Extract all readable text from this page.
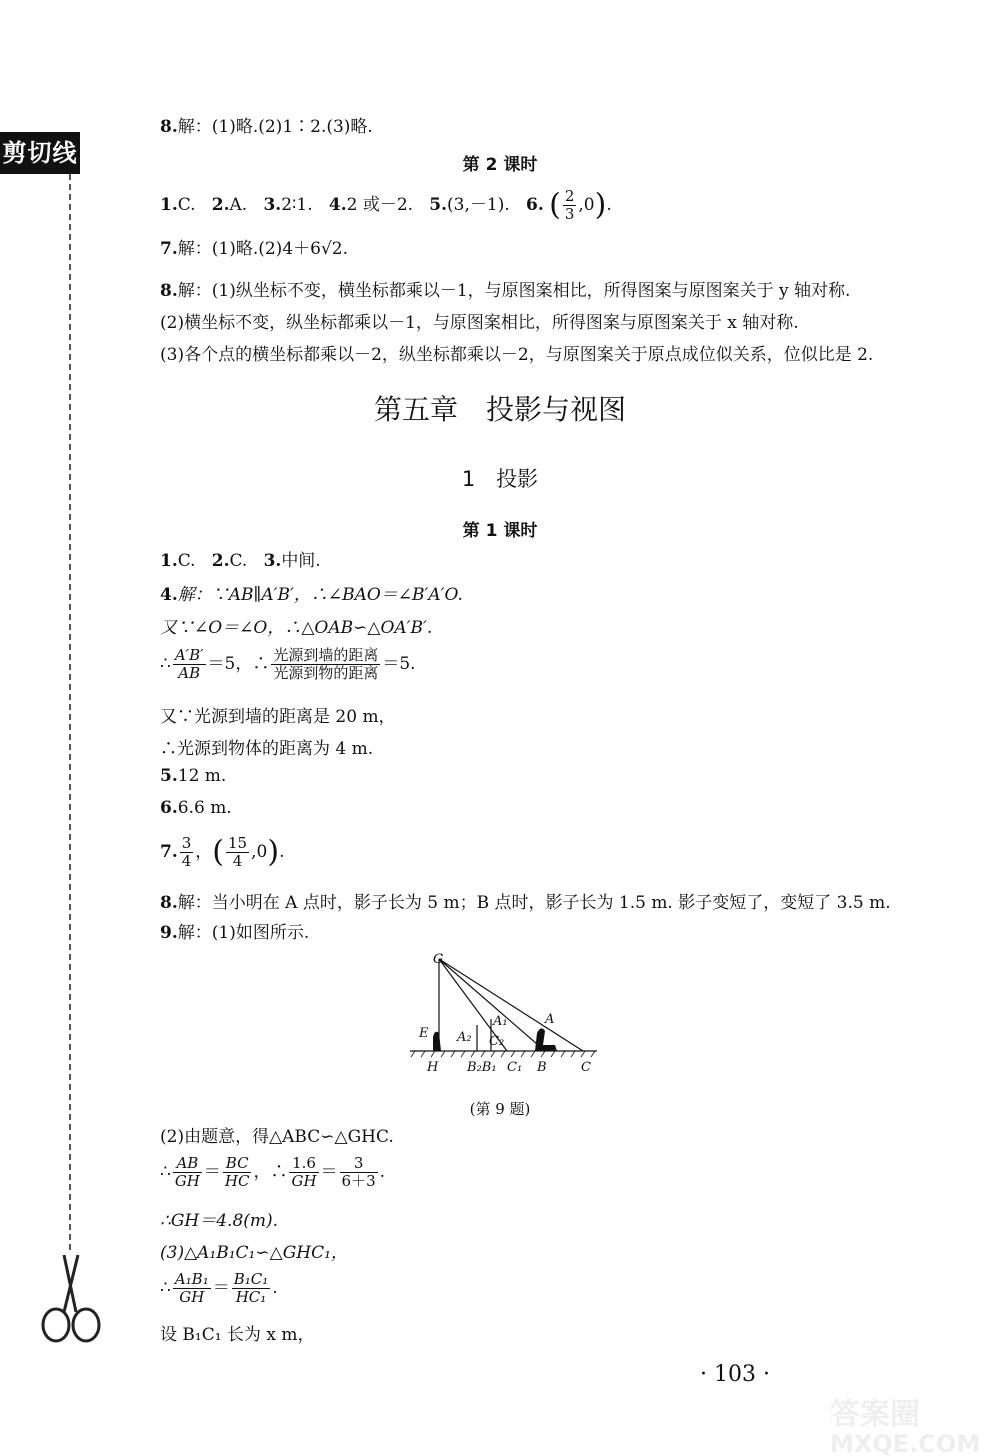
剪切线
8.解：(1)略.(2)1∶2.(3)略.
第 2 课时
1.C. 2.A. 3.2∶1. 4.2 或－2. 5.(3,－1). 6. ( $\frac{2}{3} ,0$).
7.解：(1)略.(2)4＋6√2.
8.解：(1)纵坐标不变，横坐标都乘以－1，与原图案相比，所得图案与原图案关于 y 轴对称.
(2)横坐标不变，纵坐标都乘以－1，与原图案相比，所得图案与原图案关于 x 轴对称.
(3)各个点的横坐标都乘以－2，纵坐标都乘以－2，与原图案关于原点成位似关系，位似比是 2.
第五章　投影与视图
1　投影
第 1 课时
1.C. 2.C. 3.中间.
4.解：∵AB∥A′B′，∴∠BAO＝∠B′A′O.
又∵∠O＝∠O，∴△OAB∽△OA′B′.
∴ $\frac{A'B'}{AB} =5$，∴ $\frac{\text{光源到墙的距离}}{\text{光源到物的距离}} =5$.
又∵光源到墙的距离是 20 m，
∴光源到物体的距离为 4 m.
5.12 m.
6.6.6 m.
7. $\frac{3}{4}$ ，( $\frac{15}{4} ,0$).
8.解：当小明在 A 点时，影子长为 5 m；B 点时，影子长为 1.5 m. 影子变短了，变短了 3.5 m.
9.解：(1)如图所示.
G
E A₂
A₁
C₂
A
H B₂B₁ C₁ B	C
(第 9 题)
(2)由题意，得△ABC∽△GHC.
∴ $\frac{AB}{GH} = \frac{BC}{HC}$ ，∴ $\frac{1.6}{GH} = \frac{3}{6+3}$ .
∴GH＝4.8(m).
(3)△A₁B₁C₁∽△GHC₁，
∴ $\frac{\text{A₁B₁}}{GH} = \frac{\text{B₁C₁}}{\text{HC₁}}$ .
设 B₁C₁ 长为 x m，
· 103 ·
答案圈
MXQE.COM
